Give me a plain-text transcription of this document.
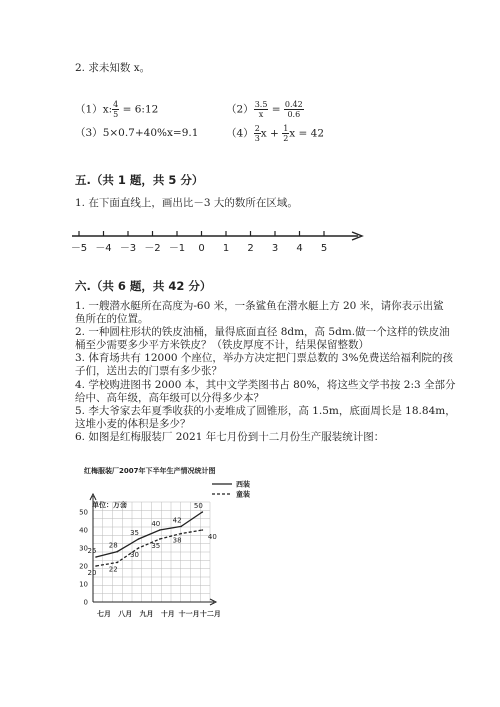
2. 求未知数 x。
（1）x: $\frac{4}{5}$ = 6:12	$(2) \frac{3.5}{x} = \frac{0.42}{0.6}$
（3）5×0.7+40%x=9.1	$(4) \frac{2}{3}$ $x + \frac{1}{2}$ x = 42
五.（共 1 题，共 5 分）
1. 在下面直线上，画出比－3 大的数所在区域。
－5 －4 －3 －2 －1 0 1 2 3 4 5
六.（共 6 题，共 42 分）
1. 一艘潜水艇所在高度为-60 米，一条鲨鱼在潜水艇上方 20 米，请你表示出鲨
鱼所在的位置。
2. 一种圆柱形状的铁皮油桶，量得底面直径 8dm，高 5dm.做一个这样的铁皮油
桶至少需要多少平方米铁皮？（铁皮厚度不计，结果保留整数）
3. 体育场共有 12000 个座位，举办方决定把门票总数的 3%免费送给福利院的孩
子们，送出去的门票有多少张？
4. 学校购进图书 2000 本，其中文学类图书占 80%，将这些文学书按 2:3 全部分
给中、高年级，高年级可以分得多少本？
5. 李大爷家去年夏季收获的小麦堆成了圆锥形，高 1.5m，底面周长是 18.84m，
这堆小麦的体积是多少？
6. 如图是红梅服装厂 2021 年七月份到十二月份生产服装统计图：
红梅服装厂2007年下半年生产情况统计图
单位：万套
0
10
20
30
40
50
七月 八月 九月 十月 十一月 十二月
25
28
35
40 42
50
20 22
30
35
38	40
西装
童装
